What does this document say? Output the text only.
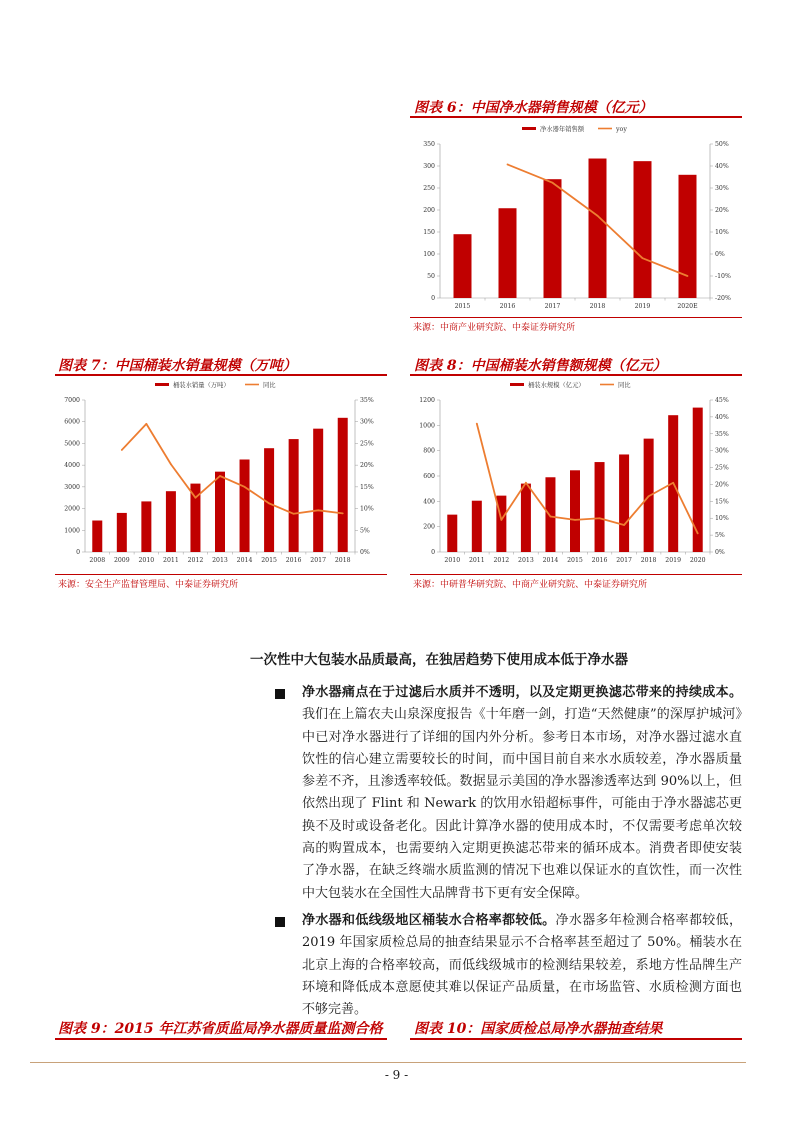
图表 6：中国净水器销售规模（亿元）
净水器年销售额	yoy
0
50
100
150
200
250
300
350
-20%
-10%
0%
10%
20%
30%
40%
50%
2015	2016	2017	2018	2019	2020E
来源：中商产业研究院、中泰证券研究所
图表 7：中国桶装水销量规模（万吨）
桶装水销量（万吨）	同比
0
1000
2000
3000
4000
5000
6000
7000
0%
5%
10%
15%
20%
25%
30%
35%
2008 2009 2010 2011 2012 2013 2014 2015 2016 2017 2018
来源：安全生产监督管理局、中泰证券研究所
图表 8：中国桶装水销售额规模（亿元）
桶装水规模（亿元）	同比
0
200
400
600
800
1000
1200
0%
5%
10%
15%
20%
25%
30%
35%
40%
45%
2010 2011 2012 2013 2014 2015 2016 2017 2018 2019 2020
来源：中研普华研究院、中商产业研究院、中泰证券研究所
一次性中大包装水品质最高，在独居趋势下使用成本低于净水器
净水器痛点在于过滤后水质并不透明，以及定期更换滤芯带来的持续成本。我们在上篇农夫山泉深度报告《十年磨一剑，打造“天然健康”的深厚护城河》中已对净水器进行了详细的国内外分析。参考日本市场，对净水器过滤水直饮性的信心建立需要较长的时间，而中国目前自来水水质较差，净水器质量参差不齐，且渗透率较低。数据显示美国的净水器渗透率达到 90%以上，但依然出现了 Flint 和 Newark 的饮用水铅超标事件，可能由于净水器滤芯更换不及时或设备老化。因此计算净水器的使用成本时，不仅需要考虑单次较高的购置成本，也需要纳入定期更换滤芯带来的循环成本。消费者即使安装了净水器，在缺乏终端水质监测的情况下也难以保证水的直饮性，而一次性中大包装水在全国性大品牌背书下更有安全保障。
净水器和低线级地区桶装水合格率都较低。净水器多年检测合格率都较低，2019 年国家质检总局的抽查结果显示不合格率甚至超过了 50%。桶装水在北京上海的合格率较高，而低线级城市的检测结果较差，系地方性品牌生产环境和降低成本意愿使其难以保证产品质量，在市场监管、水质检测方面也不够完善。
图表 9：2015 年江苏省质监局净水器质量监测合格 图表 10：国家质检总局净水器抽查结果
- 9 -
